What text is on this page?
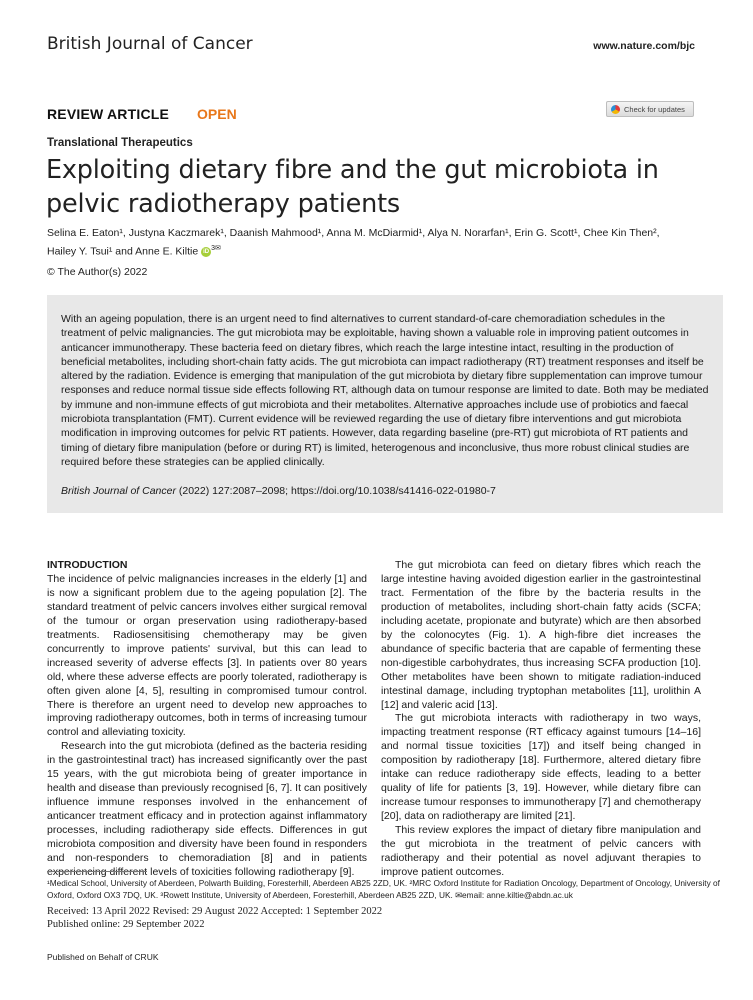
British Journal of Cancer	www.nature.com/bjc
REVIEW ARTICLE OPEN	Check for updates
Translational Therapeutics
Exploiting dietary fibre and the gut microbiota in pelvic radiotherapy patients
Selina E. Eaton¹, Justyna Kaczmarek¹, Daanish Mahmood¹, Anna M. McDiarmid¹, Alya N. Norarfan¹, Erin G. Scott¹, Chee Kin Then²,
Hailey Y. Tsui¹ and Anne E. Kiltie iD $^{3✉}$
© The Author(s) 2022
With an ageing population, there is an urgent need to find alternatives to current standard-of-care chemoradiation schedules in the treatment of pelvic malignancies. The gut microbiota may be exploitable, having shown a valuable role in improving patient outcomes in anticancer immunotherapy. These bacteria feed on dietary fibres, which reach the large intestine intact, resulting in the production of beneficial metabolites, including short-chain fatty acids. The gut microbiota can impact radiotherapy (RT) treatment responses and itself be altered by the radiation. Evidence is emerging that manipulation of the gut microbiota by dietary fibre supplementation can improve tumour responses and reduce normal tissue side effects following RT, although data on tumour response are limited to date. Both may be mediated by immune and non-immune effects of gut microbiota and their metabolites. Alternative approaches include use of probiotics and faecal microbiota transplantation (FMT). Current evidence will be reviewed regarding the use of dietary fibre interventions and gut microbiota modification in improving outcomes for pelvic RT patients. However, data regarding baseline (pre-RT) gut microbiota of RT patients and timing of dietary fibre manipulation (before or during RT) is limited, heterogenous and inconclusive, thus more robust clinical studies are required before these strategies can be applied clinically.
British Journal of Cancer (2022) 127:2087–2098; https://doi.org/10.1038/s41416-022-01980-7

INTRODUCTION

The incidence of pelvic malignancies increases in the elderly [1] and is now a significant problem due to the ageing population [2]. The standard treatment of pelvic cancers involves either surgical removal of the tumour or organ preservation using radiotherapy-based treatments. Radiosensitising chemotherapy may be given concurrently to improve patients' survival, but this can lead to increased severity of adverse effects [3]. In patients over 80 years old, where these adverse effects are poorly tolerated, radiotherapy is often given alone [4, 5], resulting in compromised tumour control. There is therefore an urgent need to develop new approaches to improving radiotherapy outcomes, both in terms of increasing tumour control and alleviating toxicity.

Research into the gut microbiota (defined as the bacteria residing in the gastrointestinal tract) has increased significantly over the past 15 years, with the gut microbiota being of greater importance in health and disease than previously recognised [6, 7]. It can positively influence immune responses involved in the enhancement of anticancer treatment efficacy and in protection against inflammatory processes, including radiotherapy side effects. Differences in gut microbiota composition and diversity have been found in responders and non-responders to chemoradiation [8] and in patients experiencing different levels of toxicities following radiotherapy [9].

The gut microbiota can feed on dietary fibres which reach the large intestine having avoided digestion earlier in the gastrointestinal tract. Fermentation of the fibre by the bacteria results in the production of metabolites, including short-chain fatty acids (SCFA; including acetate, propionate and butyrate) which are then absorbed by the colonocytes (Fig. 1). A high-fibre diet increases the abundance of specific bacteria that are capable of fermenting these non-digestible carbohydrates, thus increasing SCFA production [10]. Other metabolites have been shown to mitigate radiation-induced intestinal damage, including tryptophan metabolites [11], urolithin A [12] and valeric acid [13].

The gut microbiota interacts with radiotherapy in two ways, impacting treatment response (RT efficacy against tumours [14–16] and normal tissue toxicities [17]) and itself being changed in composition by radiotherapy [18]. Furthermore, altered dietary fibre intake can reduce radiotherapy side effects, leading to a better quality of life for patients [3, 19]. However, while dietary fibre can increase tumour responses to immunotherapy [7] and chemotherapy [20], data on radiotherapy are limited [21].

This review explores the impact of dietary fibre manipulation and the gut microbiota in the treatment of pelvic cancers with radiotherapy and their potential as novel adjuvant therapies to improve patient outcomes.

¹Medical School, University of Aberdeen, Polwarth Building, Foresterhill, Aberdeen AB25 2ZD, UK. ²MRC Oxford Institute for Radiation Oncology, Department of Oncology, University of Oxford, Oxford OX3 7DQ, UK. ³Rowett Institute, University of Aberdeen, Foresterhill, Aberdeen AB25 2ZD, UK. ✉email: anne.kiltie@abdn.ac.uk
Received: 13 April 2022 Revised: 29 August 2022 Accepted: 1 September 2022
Published online: 29 September 2022
Published on Behalf of CRUK
